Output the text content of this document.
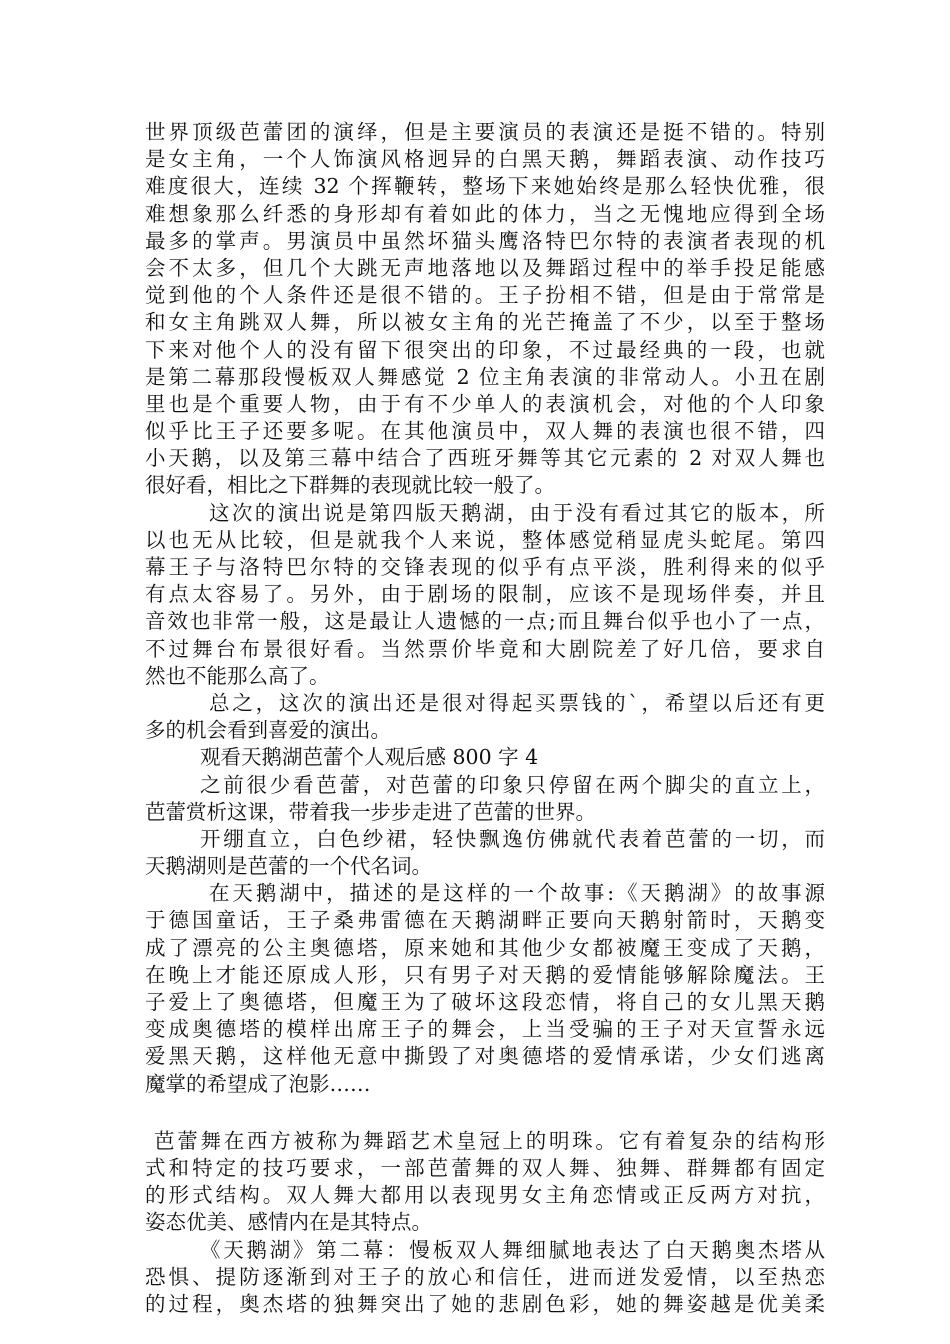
世界顶级芭蕾团的演绎，但是主要演员的表演还是挺不错的。特别
是女主角，一个人饰演风格迥异的白黑天鹅，舞蹈表演、动作技巧
难度很大，连续 32 个挥鞭转，整场下来她始终是那么轻快优雅，很
难想象那么纤悉的身形却有着如此的体力，当之无愧地应得到全场
最多的掌声。男演员中虽然坏猫头鹰洛特巴尔特的表演者表现的机
会不太多，但几个大跳无声地落地以及舞蹈过程中的举手投足能感
觉到他的个人条件还是很不错的。王子扮相不错，但是由于常常是
和女主角跳双人舞，所以被女主角的光芒掩盖了不少，以至于整场
下来对他个人的没有留下很突出的印象，不过最经典的一段，也就
是第二幕那段慢板双人舞感觉 2 位主角表演的非常动人。小丑在剧
里也是个重要人物，由于有不少单人的表演机会，对他的个人印象
似乎比王子还要多呢。在其他演员中，双人舞的表演也很不错，四
小天鹅，以及第三幕中结合了西班牙舞等其它元素的 2 对双人舞也
很好看，相比之下群舞的表现就比较一般了。
这次的演出说是第四版天鹅湖，由于没有看过其它的版本，所
以也无从比较，但是就我个人来说，整体感觉稍显虎头蛇尾。第四
幕王子与洛特巴尔特的交锋表现的似乎有点平淡，胜利得来的似乎
有点太容易了。另外，由于剧场的限制，应该不是现场伴奏，并且
音效也非常一般，这是最让人遗憾的一点;而且舞台似乎也小了一点，
不过舞台布景很好看。当然票价毕竟和大剧院差了好几倍，要求自
然也不能那么高了。
总之，这次的演出还是很对得起买票钱的`，希望以后还有更
多的机会看到喜爱的演出。
观看天鹅湖芭蕾个人观后感 800 字 4
之前很少看芭蕾，对芭蕾的印象只停留在两个脚尖的直立上，
芭蕾赏析这课，带着我一步步走进了芭蕾的世界。
开绷直立，白色纱裙，轻快飘逸仿佛就代表着芭蕾的一切，而
天鹅湖则是芭蕾的一个代名词。
在天鹅湖中，描述的是这样的一个故事:《天鹅湖》的故事源
于德国童话，王子桑弗雷德在天鹅湖畔正要向天鹅射箭时，天鹅变
成了漂亮的公主奥德塔，原来她和其他少女都被魔王变成了天鹅，
在晚上才能还原成人形，只有男子对天鹅的爱情能够解除魔法。王
子爱上了奥德塔，但魔王为了破坏这段恋情，将自己的女儿黑天鹅
变成奥德塔的模样出席王子的舞会，上当受骗的王子对天宣誓永远
爱黑天鹅，这样他无意中撕毁了对奥德塔的爱情承诺，少女们逃离
魔掌的希望成了泡影……
芭蕾舞在西方被称为舞蹈艺术皇冠上的明珠。它有着复杂的结构形
式和特定的技巧要求，一部芭蕾舞的双人舞、独舞、群舞都有固定
的形式结构。双人舞大都用以表现男女主角恋情或正反两方对抗，
姿态优美、感情内在是其特点。
《天鹅湖》第二幕：慢板双人舞细腻地表达了白天鹅奥杰塔从
恐惧、提防逐渐到对王子的放心和信任，进而迸发爱情，以至热恋
的过程，奥杰塔的独舞突出了她的悲剧色彩，她的舞姿越是优美柔
